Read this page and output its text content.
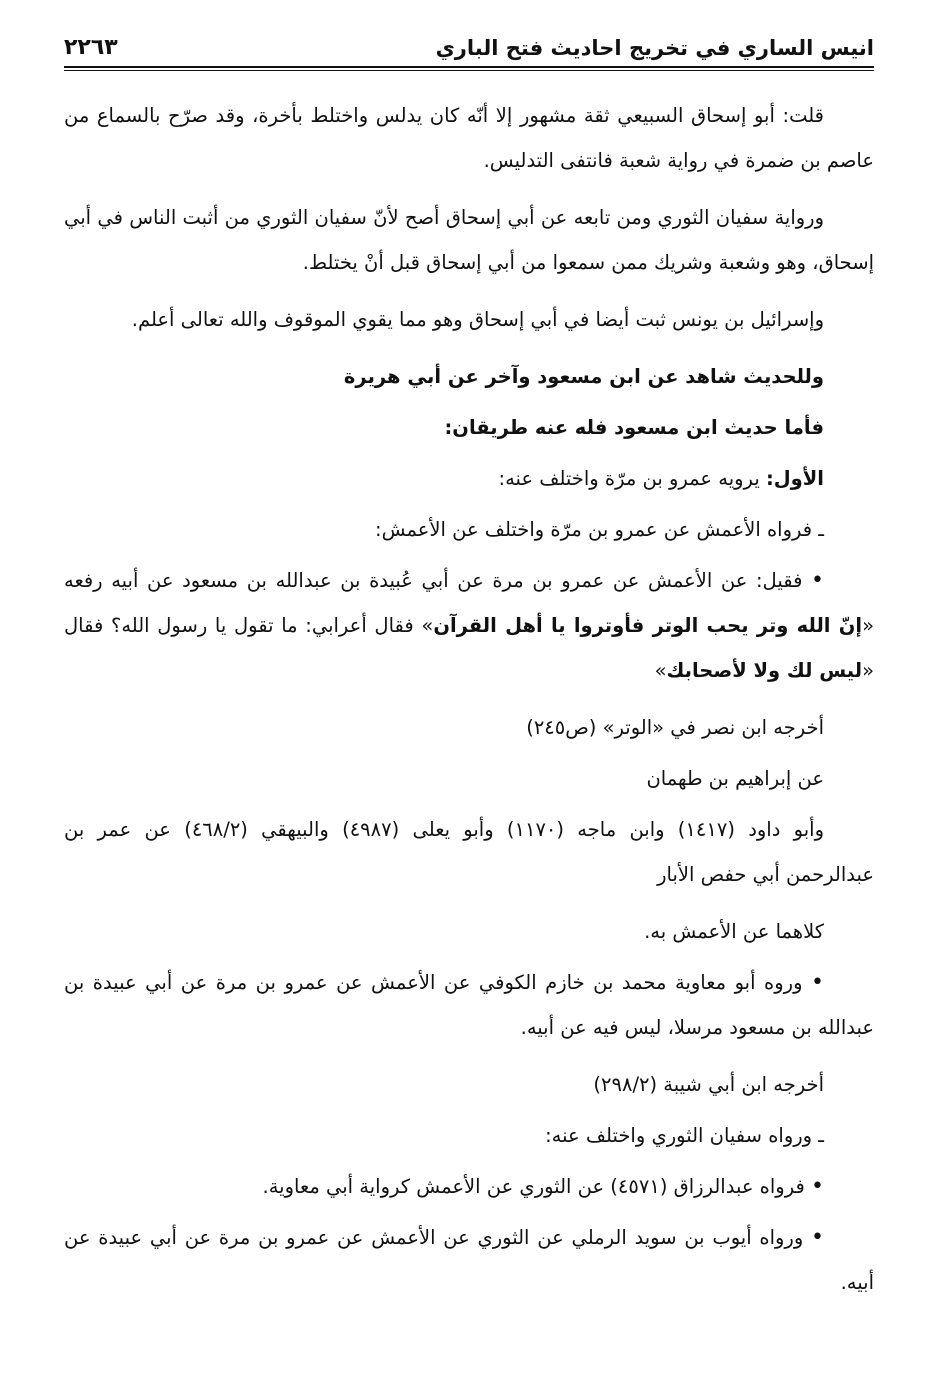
انيس الساري في تخريج احاديث فتح الباري
٢٢٦٣

قلت: أبو إسحاق السبيعي ثقة مشهور إلا أنّه كان يدلس واختلط بأخرة، وقد صرّح بالسماع من عاصم بن ضمرة في رواية شعبة فانتفى التدليس.

ورواية سفيان الثوري ومن تابعه عن أبي إسحاق أصح لأنّ سفيان الثوري من أثبت الناس في أبي إسحاق، وهو وشعبة وشريك ممن سمعوا من أبي إسحاق قبل أنْ يختلط.

وإسرائيل بن يونس ثبت أيضا في أبي إسحاق وهو مما يقوي الموقوف والله تعالى أعلم.

وللحديث شاهد عن ابن مسعود وآخر عن أبي هريرة

فأما حديث ابن مسعود فله عنه طريقان:

الأول: يرويه عمرو بن مرّة واختلف عنه:

ـ فرواه الأعمش عن عمرو بن مرّة واختلف عن الأعمش:

• فقيل: عن الأعمش عن عمرو بن مرة عن أبي عُبيدة بن عبدالله بن مسعود عن أبيه رفعه «إنّ الله وتر يحب الوتر فأوتروا يا أهل القرآن» فقال أعرابي: ما تقول يا رسول الله؟ فقال «ليس لك ولا لأصحابك»

أخرجه ابن نصر في «الوتر» (ص٢٤٥)

عن إبراهيم بن طهمان

وأبو داود (١٤١٧) وابن ماجه (١١٧٠) وأبو يعلى (٤٩٨٧) والبيهقي (٤٦٨/٢) عن عمر بن عبدالرحمن أبي حفص الأبار

كلاهما عن الأعمش به.

• وروه أبو معاوية محمد بن خازم الكوفي عن الأعمش عن عمرو بن مرة عن أبي عبيدة بن عبدالله بن مسعود مرسلا، ليس فيه عن أبيه.

أخرجه ابن أبي شيبة (٢٩٨/٢)

ـ ورواه سفيان الثوري واختلف عنه:

• فرواه عبدالرزاق (٤٥٧١) عن الثوري عن الأعمش كرواية أبي معاوية.

• ورواه أيوب بن سويد الرملي عن الثوري عن الأعمش عن عمرو بن مرة عن أبي عبيدة عن أبيه.
